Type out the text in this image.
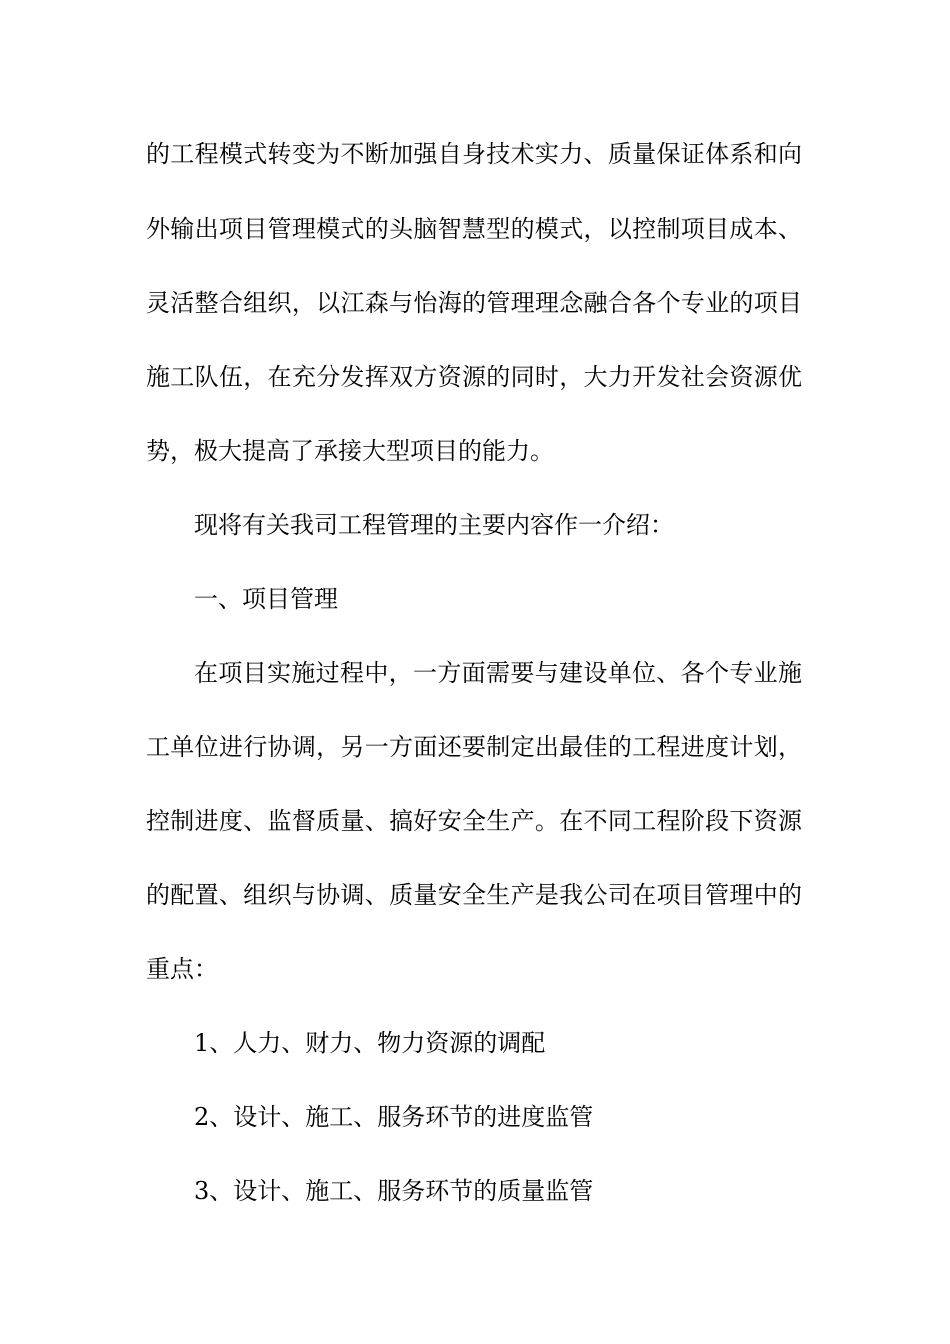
的工程模式转变为不断加强自身技术实力、质量保证体系和向
外输出项目管理模式的头脑智慧型的模式，以控制项目成本、
灵活整合组织，以江森与怡海的管理理念融合各个专业的项目
施工队伍，在充分发挥双方资源的同时，大力开发社会资源优
势，极大提高了承接大型项目的能力。
现将有关我司工程管理的主要内容作一介绍：
一、项目管理
在项目实施过程中，一方面需要与建设单位、各个专业施
工单位进行协调，另一方面还要制定出最佳的工程进度计划，
控制进度、监督质量、搞好安全生产。在不同工程阶段下资源
的配置、组织与协调、质量安全生产是我公司在项目管理中的
重点：
1、人力、财力、物力资源的调配
2、设计、施工、服务环节的进度监管
3、设计、施工、服务环节的质量监管
